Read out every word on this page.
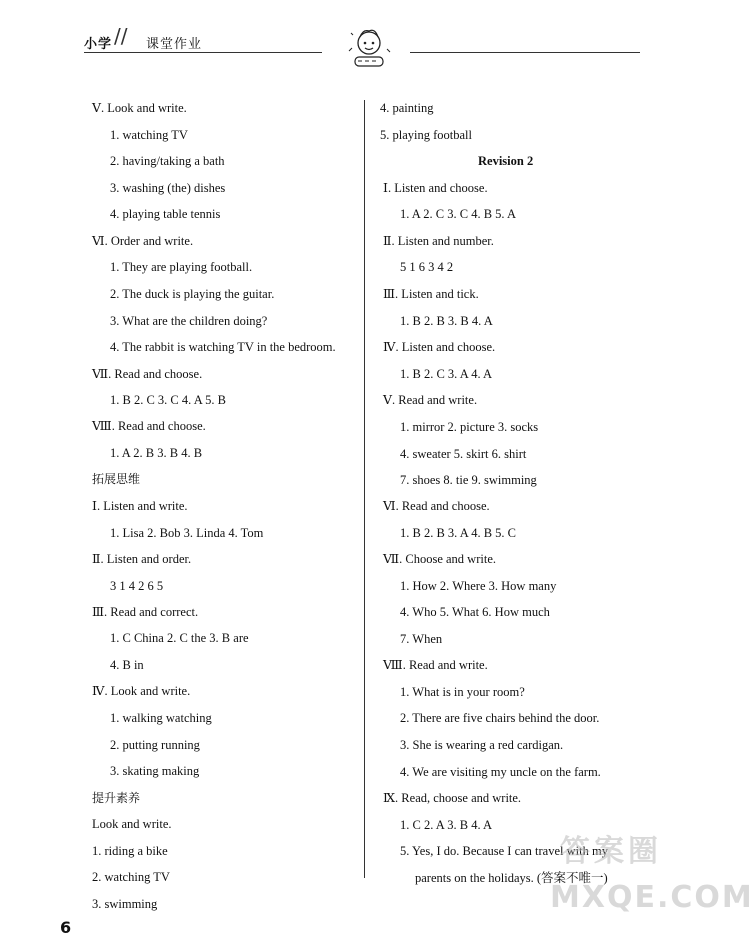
小学	课堂作业
//
Ⅴ. Look and write.
1. watching TV
2. having/taking a bath
3. washing (the) dishes
4. playing table tennis
Ⅵ. Order and write.
1. They are playing football.
2. The duck is playing the guitar.
3. What are the children doing?
4. The rabbit is watching TV in the bedroom.
Ⅶ. Read and choose.
1. B 2. C 3. C 4. A 5. B
Ⅷ. Read and choose.
1. A 2. B 3. B 4. B
拓展思维
Ⅰ. Listen and write.
1. Lisa 2. Bob 3. Linda 4. Tom
Ⅱ. Listen and order.
3 1 4 2 6 5
Ⅲ. Read and correct.
1. C China 2. C the 3. B are
4. B in
Ⅳ. Look and write.
1. walking watching
2. putting running
3. skating making
提升素养
Look and write.
1. riding a bike
2. watching TV
3. swimming
4. painting
5. playing football
Revision 2
Ⅰ. Listen and choose.
1. A 2. C 3. C 4. B 5. A
Ⅱ. Listen and number.
5 1 6 3 4 2
Ⅲ. Listen and tick.
1. B 2. B 3. B 4. A
Ⅳ. Listen and choose.
1. B 2. C 3. A 4. A
Ⅴ. Read and write.
1. mirror 2. picture 3. socks
4. sweater 5. skirt 6. shirt
7. shoes 8. tie 9. swimming
Ⅵ. Read and choose.
1. B 2. B 3. A 4. B 5. C
Ⅶ. Choose and write.
1. How 2. Where 3. How many
4. Who 5. What 6. How much
7. When
Ⅷ. Read and write.
1. What is in your room?
2. There are five chairs behind the door.
3. She is wearing a red cardigan.
4. We are visiting my uncle on the farm.
Ⅸ. Read, choose and write.
1. C 2. A 3. B 4. A
5. Yes, I do. Because I can travel with my
parents on the holidays. (答案不唯一)
6
答案圈
MXQE.COM
